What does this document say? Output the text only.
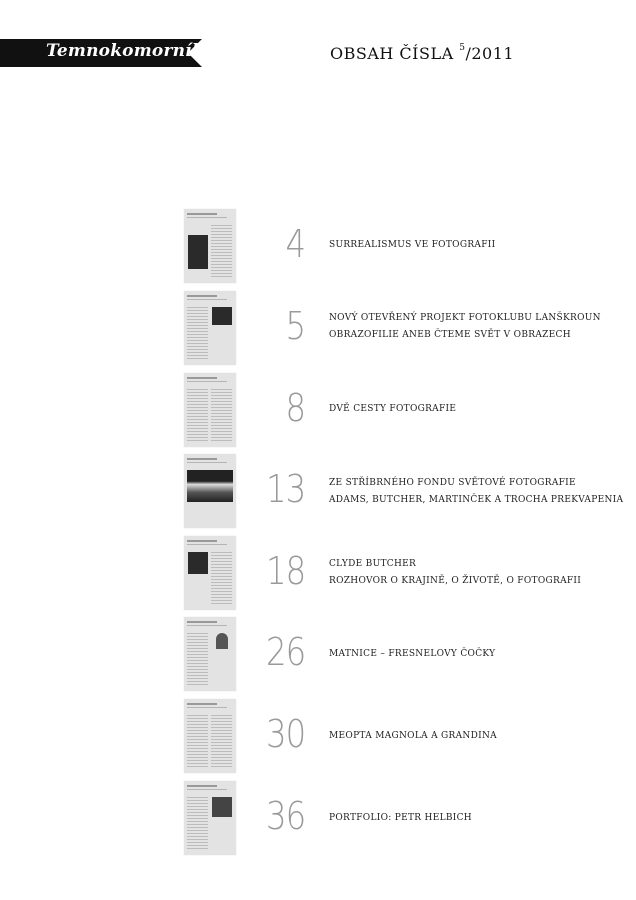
Temnokomorník	OBSAH ČÍSLA $^5$/2011
4	SURREALISMUS VE FOTOGRAFII
5	NOVÝ OTEVŘENÝ PROJEKT FOTOKLUBU LANŠKROUN
OBRAZOFILIE ANEB ČTEME SVĚT V OBRAZECH
8	DVĚ CESTY FOTOGRAFIE
13	ZE STŘÍBRNÉHO FONDU SVĚTOVÉ FOTOGRAFIE
ADAMS, BUTCHER, MARTINČEK A TROCHA PREKVAPENIA
18	CLYDE BUTCHER
ROZHOVOR O KRAJINĚ, O ŽIVOTĚ, O FOTOGRAFII
26	MATNICE – FRESNELOVY ČOČKY
30	MEOPTA MAGNOLA A GRANDINA
36	PORTFOLIO: PETR HELBICH
